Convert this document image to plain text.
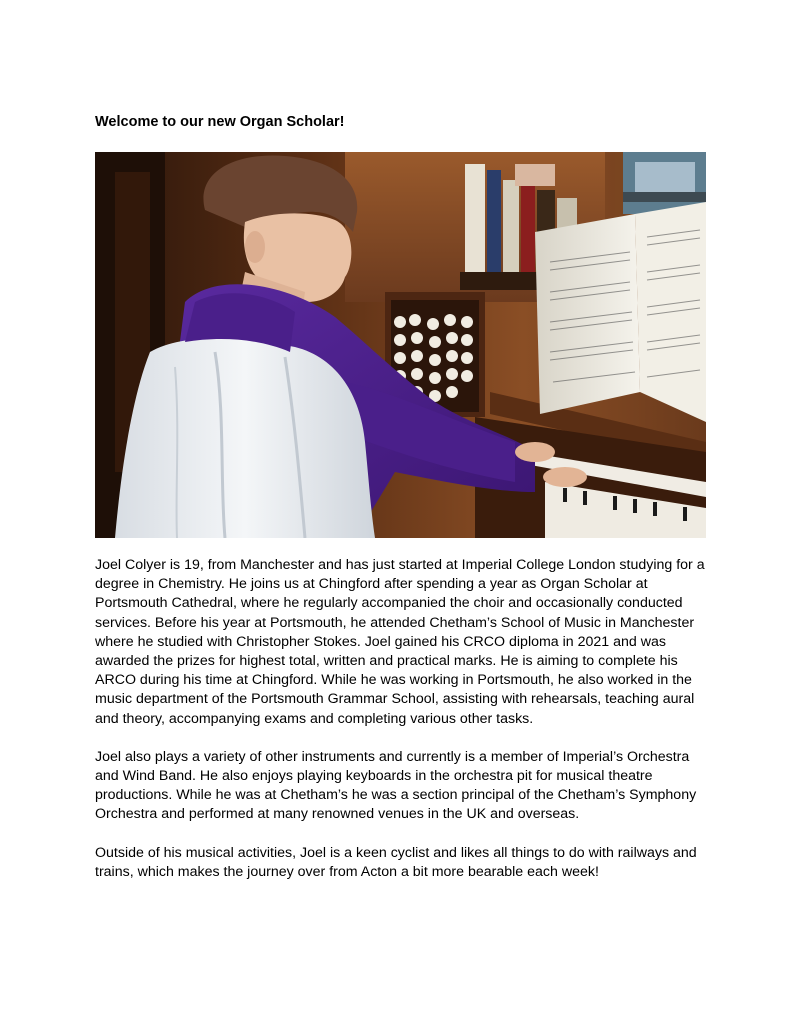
Welcome to our new Organ Scholar!

Joel Colyer is 19, from Manchester and has just started at Imperial College London studying for a degree in Chemistry. He joins us at Chingford after spending a year as Organ Scholar at Portsmouth Cathedral, where he regularly accompanied the choir and occasionally conducted services. Before his year at Portsmouth, he attended Chetham’s School of Music in Manchester where he studied with Christopher Stokes. Joel gained his CRCO diploma in 2021 and was awarded the prizes for highest total, written and practical marks. He is aiming to complete his ARCO during his time at Chingford. While he was working in Portsmouth, he also worked in the music department of the Portsmouth Grammar School, assisting with rehearsals, teaching aural and theory, accompanying exams and completing various other tasks.

Joel also plays a variety of other instruments and currently is a member of Imperial’s Orchestra and Wind Band. He also enjoys playing keyboards in the orchestra pit for musical theatre productions. While he was at Chetham’s he was a section principal of the Chetham’s Symphony Orchestra and performed at many renowned venues in the UK and overseas.

Outside of his musical activities, Joel is a keen cyclist and likes all things to do with railways and trains, which makes the journey over from Acton a bit more bearable each week!
